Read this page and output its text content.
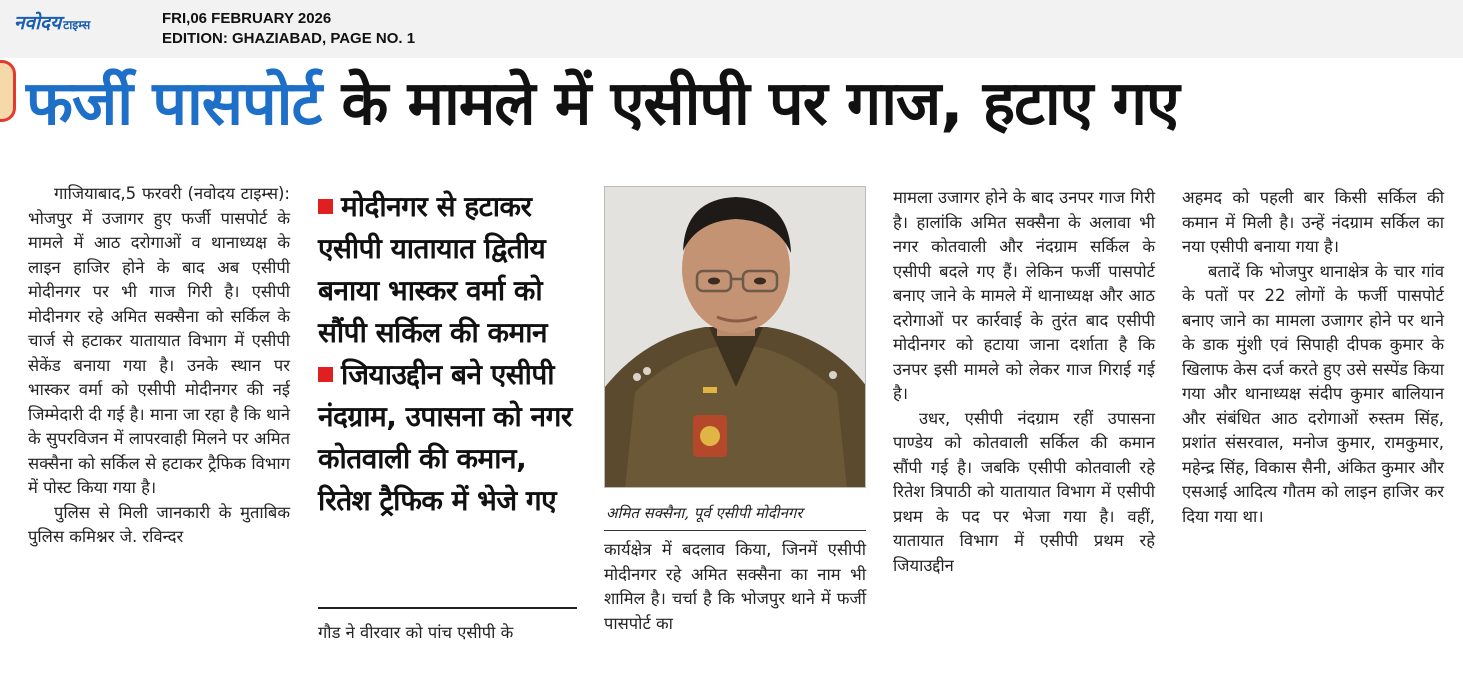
नवोदय टाइम्स	FRI,06 FEBRUARY 2026
EDITION: GHAZIABAD, PAGE NO. 1
फर्जी पासपोर्ट के मामले में एसीपी पर गाज, हटाए गए

गाजियाबाद,5 फरवरी (नवोदय टाइम्स): भोजपुर में उजागर हुए फर्जी पासपोर्ट के मामले में आठ दरोगाओं व थानाध्यक्ष के लाइन हाजिर होने के बाद अब एसीपी मोदीनगर पर भी गाज गिरी है। एसीपी मोदीनगर रहे अमित सक्सैना को सर्किल के चार्ज से हटाकर यातायात विभाग में एसीपी सेकेंड बनाया गया है। उनके स्थान पर भास्कर वर्मा को एसीपी मोदीनगर की नई जिम्मेदारी दी गई है। माना जा रहा है कि थाने के सुपरविजन में लापरवाही मिलने पर अमित सक्सैना को सर्किल से हटाकर ट्रैफिक विभाग में पोस्ट किया गया है।

पुलिस से मिली जानकारी के मुताबिक पुलिस कमिश्नर जे. रविन्दर

मोदीनगर से हटाकर एसीपी यातायात द्वितीय बनाया भास्कर वर्मा को सौंपी सर्किल की कमान
जियाउद्दीन बने एसीपी नंदग्राम, उपासना को नगर कोतवाली की कमान, रितेश ट्रैफिक में भेजे गए

गौड ने वीरवार को पांच एसीपी के

अमित सक्सैना, पूर्व एसीपी मोदीनगर

कार्यक्षेत्र में बदलाव किया, जिनमें एसीपी मोदीनगर रहे अमित सक्सैना का नाम भी शामिल है। चर्चा है कि भोजपुर थाने में फर्जी पासपोर्ट का

मामला उजागर होने के बाद उनपर गाज गिरी है। हालांकि अमित सक्सैना के अलावा भी नगर कोतवाली और नंदग्राम सर्किल के एसीपी बदले गए हैं। लेकिन फर्जी पासपोर्ट बनाए जाने के मामले में थानाध्यक्ष और आठ दरोगाओं पर कार्रवाई के तुरंत बाद एसीपी मोदीनगर को हटाया जाना दर्शाता है कि उनपर इसी मामले को लेकर गाज गिराई गई है।

उधर, एसीपी नंदग्राम रहीं उपासना पाण्डेय को कोतवाली सर्किल की कमान सौंपी गई है। जबकि एसीपी कोतवाली रहे रितेश त्रिपाठी को यातायात विभाग में एसीपी प्रथम के पद पर भेजा गया है। वहीं, यातायात विभाग में एसीपी प्रथम रहे जियाउद्दीन

अहमद को पहली बार किसी सर्किल की कमान में मिली है। उन्हें नंदग्राम सर्किल का नया एसीपी बनाया गया है।

बतादें कि भोजपुर थानाक्षेत्र के चार गांव के पतों पर 22 लोगों के फर्जी पासपोर्ट बनाए जाने का मामला उजागर होने पर थाने के डाक मुंशी एवं सिपाही दीपक कुमार के खिलाफ केस दर्ज करते हुए उसे सस्पेंड किया गया और थानाध्यक्ष संदीप कुमार बालियान और संबंधित आठ दरोगाओं रुस्तम सिंह, प्रशांत संसरवाल, मनोज कुमार, रामकुमार, महेन्द्र सिंह, विकास सैनी, अंकित कुमार और एसआई आदित्य गौतम को लाइन हाजिर कर दिया गया था।
